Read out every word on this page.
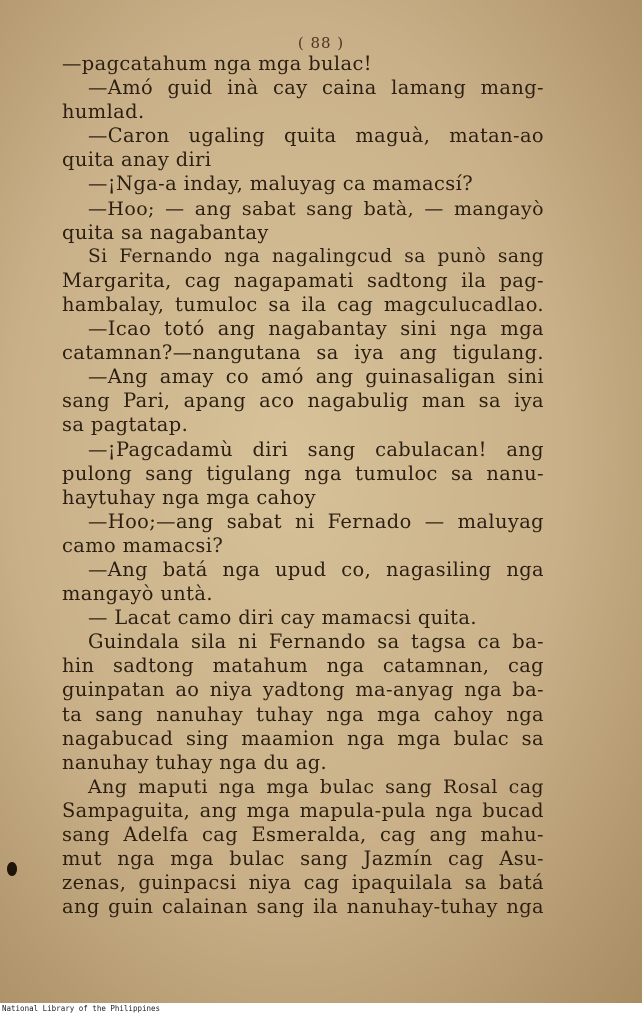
( 88 )
—pagcatahum nga mga bulac!
—Amó guid inà cay caina lamang mang-
humlad.
—Caron ugaling quita maguà, matan-ao
quita anay diri
—¡Nga-a inday, maluyag ca mamacsí?
—Hoo; — ang sabat sang batà, — mangayò
quita sa nagabantay
Si Fernando nga nagalingcud sa punò sang
Margarita, cag nagapamati sadtong ila pag-
hambalay, tumuloc sa ila cag magculucadlao.
—Icao totó ang nagabantay sini nga mga
catamnan?—nangutana sa iya ang tigulang.
—Ang amay co amó ang guinasaligan sini
sang Pari, apang aco nagabulig man sa iya
sa pagtatap.
—¡Pagcadamù diri sang cabulacan! ang
pulong sang tigulang nga tumuloc sa nanu-
haytuhay nga mga cahoy
—Hoo;—ang sabat ni Fernado — maluyag
camo mamacsi?
—Ang batá nga upud co, nagasiling nga
mangayò untà.
— Lacat camo diri cay mamacsi quita.
Guindala sila ni Fernando sa tagsa ca ba-
hin sadtong matahum nga catamnan, cag
guinpatan ao niya yadtong ma-anyag nga ba-
ta sang nanuhay tuhay nga mga cahoy nga
nagabucad sing maamion nga mga bulac sa
nanuhay tuhay nga du ag.
Ang maputi nga mga bulac sang Rosal cag
Sampaguita, ang mga mapula-pula nga bucad
sang Adelfa cag Esmeralda, cag ang mahu-
mut nga mga bulac sang Jazmín cag Asu-
zenas, guinpacsi niya cag ipaquilala sa batá
ang guin calainan sang ila nanuhay-tuhay nga
National Library of the Philippines
